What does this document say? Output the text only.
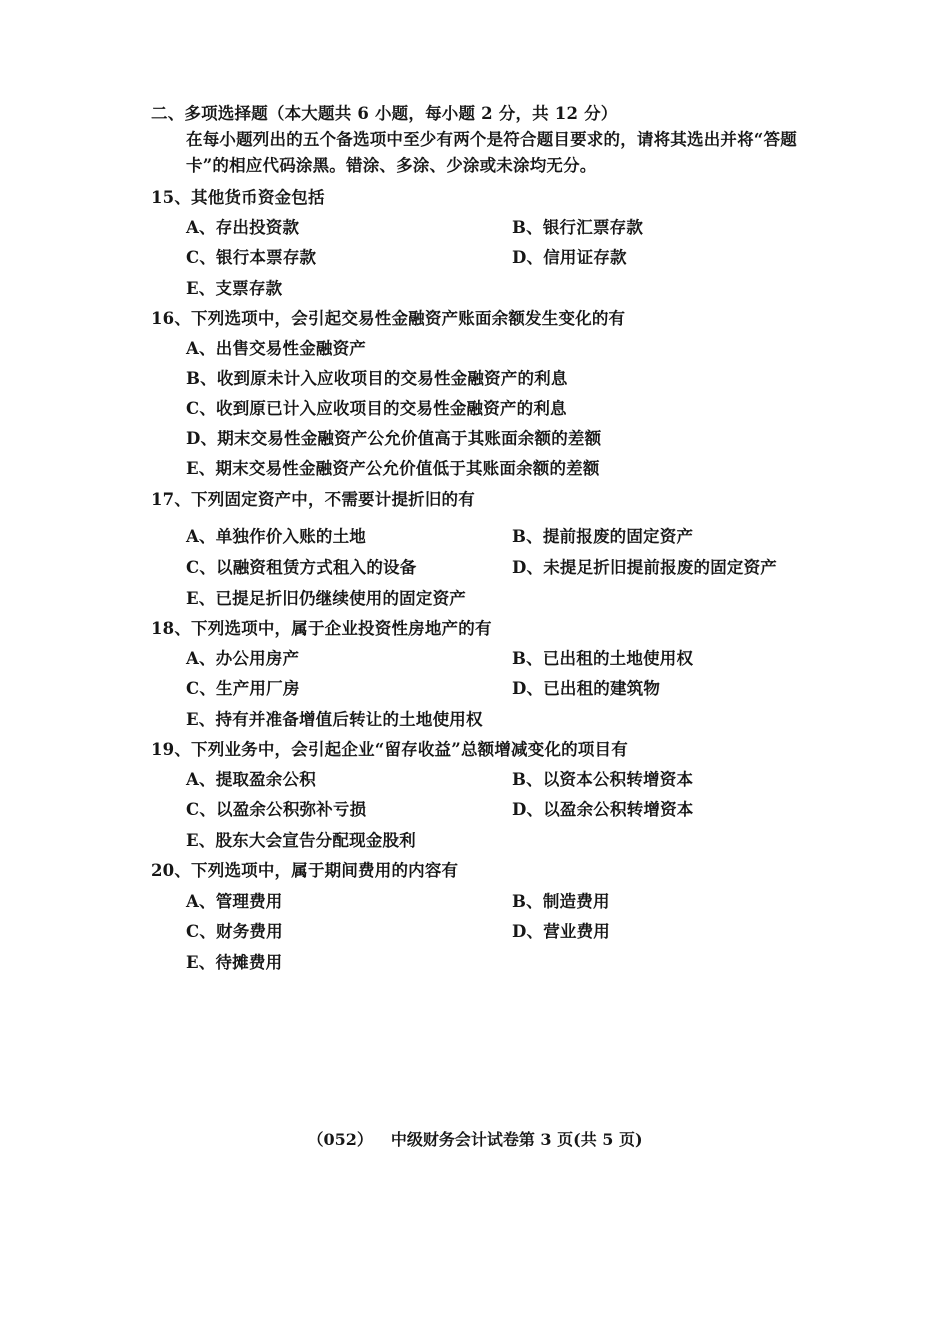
二、多项选择题（本大题共 6 小题，每小题 2 分，共 12 分）
在每小题列出的五个备选项中至少有两个是符合题目要求的，请将其选出并将“答题
卡”的相应代码涂黑。错涂、多涂、少涂或未涂均无分。
15、其他货币资金包括
A、存出投资款	B、银行汇票存款
C、银行本票存款	D、信用证存款
E、支票存款
16、下列选项中，会引起交易性金融资产账面余额发生变化的有
A、出售交易性金融资产
B、收到原未计入应收项目的交易性金融资产的利息
C、收到原已计入应收项目的交易性金融资产的利息
D、期末交易性金融资产公允价值高于其账面余额的差额
E、期末交易性金融资产公允价值低于其账面余额的差额
17、下列固定资产中，不需要计提折旧的有
A、单独作价入账的土地	B、提前报废的固定资产
C、以融资租赁方式租入的设备	D、未提足折旧提前报废的固定资产
E、已提足折旧仍继续使用的固定资产
18、下列选项中，属于企业投资性房地产的有
A、办公用房产	B、已出租的土地使用权
C、生产用厂房	D、已出租的建筑物
E、持有并准备增值后转让的土地使用权
19、下列业务中，会引起企业“留存收益”总额增减变化的项目有
A、提取盈余公积	B、以资本公积转增资本
C、以盈余公积弥补亏损	D、以盈余公积转增资本
E、股东大会宣告分配现金股利
20、下列选项中，属于期间费用的内容有
A、管理费用	B、制造费用
C、财务费用	D、营业费用
E、待摊费用
（052） 中级财务会计试卷第 3 页(共 5 页)
